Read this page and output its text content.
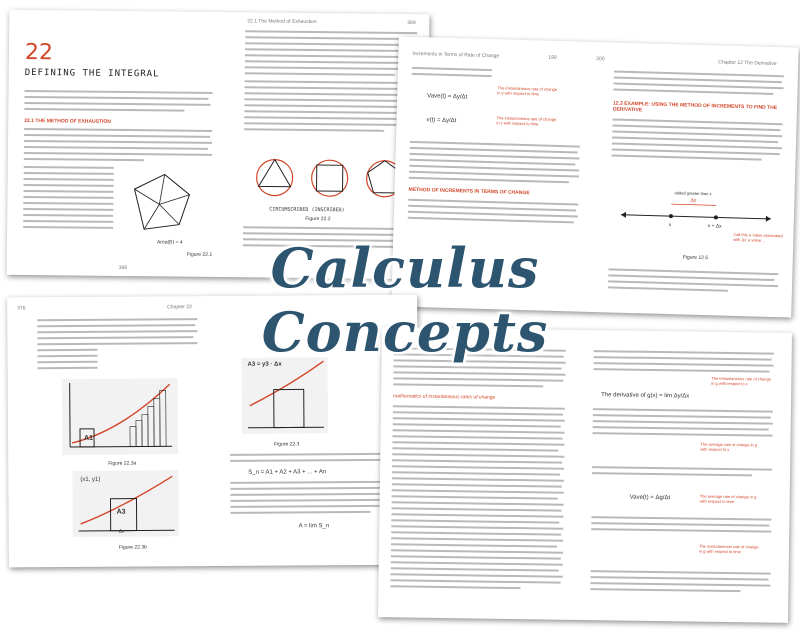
22.1 The Method of Exhaustion	369
22
DEFINING THE INTEGRAL
22.1 THE METHOD OF EXHAUSTION
Area(B) = 4
Figure 22.1
368
CIRCUMSCRIBED (INSCRIBED)
Figure 22.2
Increments in Terms of Rate of Change	199	200
Chapter 12 The Derivative
Vave(t) = Δy/Δt
The instantaneous rate of change in y with respect to time
v(t) = Δy/Δt	The instantaneous rate of change in x with respect to time
METHOD OF INCREMENTS IN TERMS OF CHANGE
12.3 EXAMPLE: USING THE METHOD OF INCREMENTS TO FIND THE DERIVATIVE
added greater than x
Δx
x	x + Δx
Call this a 'value associated with Δx' a value ...
Figure 12.5
376	Chapter 22
A1
Figure 22.3a
(x1, y1)
A3
Δx
Figure 22.3b
A3 = y3 · Δx
Figure 22.3
S_n = A1 + A2 + A3 + ... + An
A = lim S_n
mathematics of instantaneous rates of change
The instantaneous rate of change in g with respect to x
The derivative of g(x) = lim Δy/Δx
The average rate of change in g with respect to x
Vave(t) = Δg/Δt	The average rate of change in g with respect to time
The instantaneous rate of change in g with respect to time
Calculus Concepts
